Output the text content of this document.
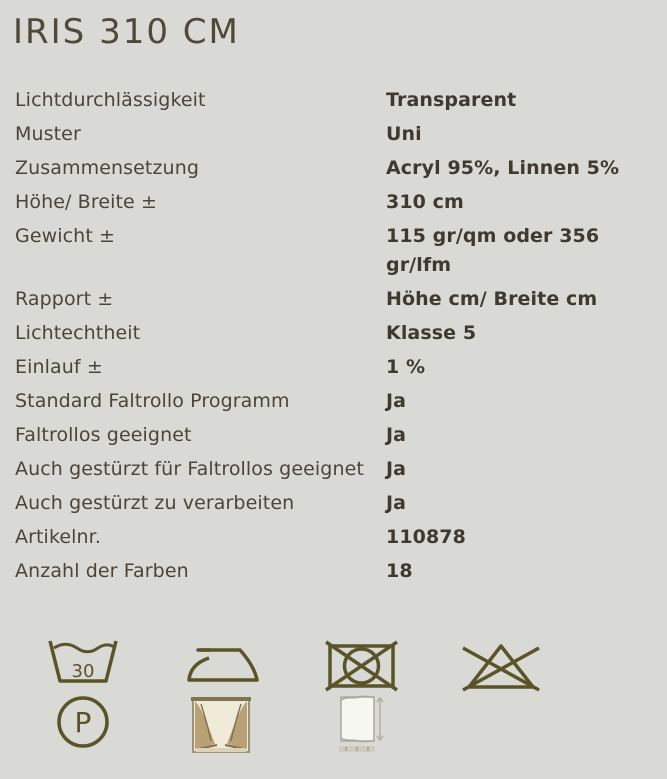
IRIS 310 CM
Lichtdurchlässigkeit	Transparent
Muster	Uni
Zusammensetzung	Acryl 95%, Linnen 5%
Höhe/ Breite ±	310 cm
Gewicht ±	115 gr/qm oder 356 gr/lfm
Rapport ±	Höhe cm/ Breite cm
Lichtechtheit	Klasse 5
Einlauf ±	1 %
Standard Faltrollo Programm	Ja
Faltrollos geeignet	Ja
Auch gestürzt für Faltrollos geeignet	Ja
Auch gestürzt zu verarbeiten	Ja
Artikelnr.	110878
Anzahl der Farben	18
30
P
